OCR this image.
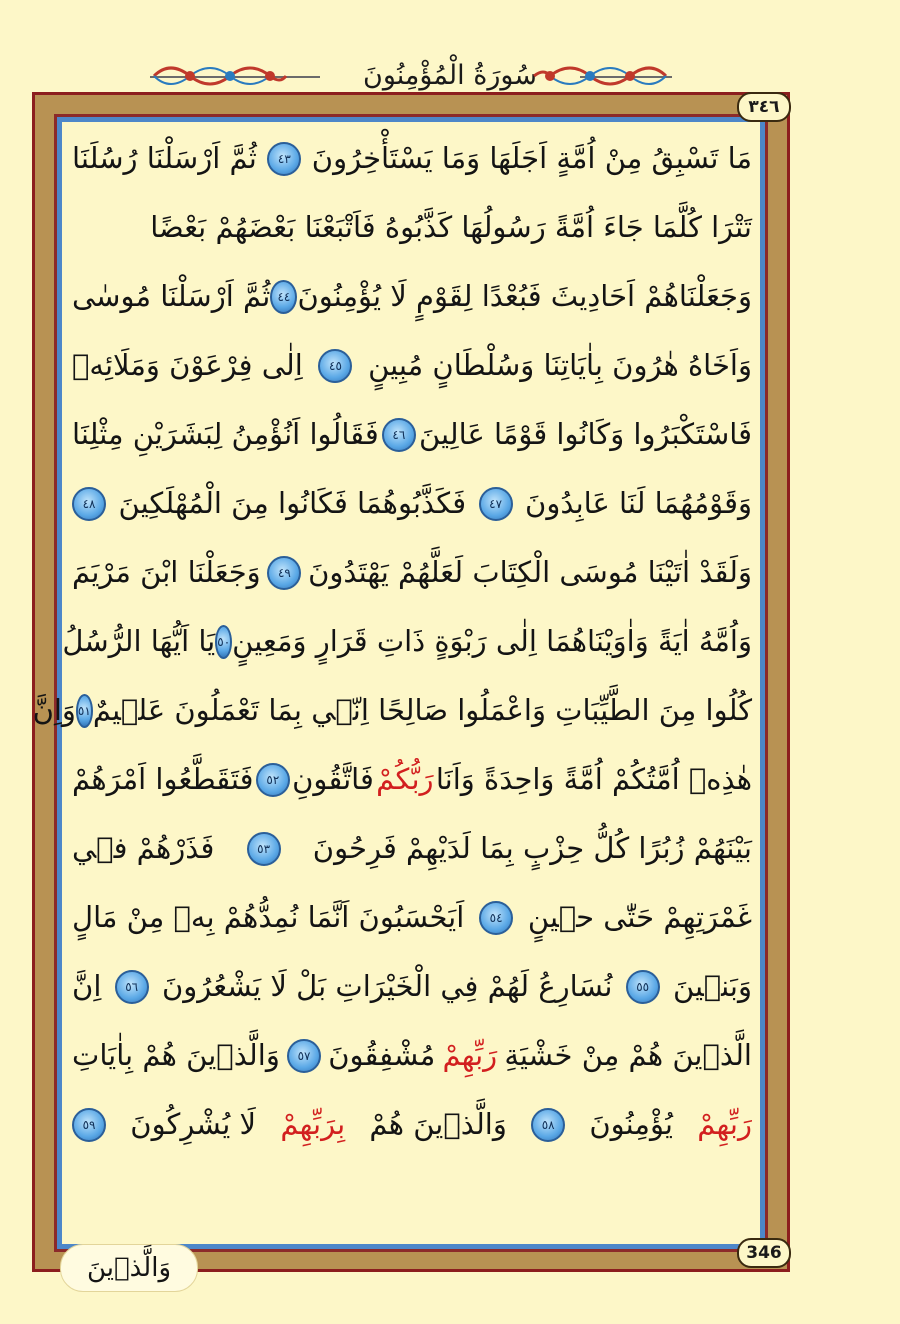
سُورَةُ الْمُؤْمِنُونَ
٣٤٦
مَا تَسْبِقُ مِنْ اُمَّةٍ اَجَلَهَا وَمَا يَسْتَأْخِرُونَ
٤٣
ثُمَّ اَرْسَلْنَا رُسُلَنَا
تَتْرَا كُلَّمَا جَاءَ اُمَّةً رَسُولُهَا كَذَّبُوهُ فَاَتْبَعْنَا بَعْضَهُمْ بَعْضًا
وَجَعَلْنَاهُمْ اَحَادِيثَ فَبُعْدًا لِقَوْمٍ لَا يُؤْمِنُونَ
٤٤
ثُمَّ اَرْسَلْنَا مُوسٰى
وَاَخَاهُ هٰرُونَ بِاٰيَاتِنَا وَسُلْطَانٍ مُبِينٍ
٤٥
اِلٰى فِرْعَوْنَ وَمَلَائِهٖ
فَاسْتَكْبَرُوا وَكَانُوا قَوْمًا عَالِينَ
٤٦
فَقَالُوا اَنُؤْمِنُ لِبَشَرَيْنِ مِثْلِنَا
وَقَوْمُهُمَا لَنَا عَابِدُونَ
٤٧
فَكَذَّبُوهُمَا فَكَانُوا مِنَ الْمُهْلَكِينَ
٤٨
وَلَقَدْ اٰتَيْنَا مُوسَى الْكِتَابَ لَعَلَّهُمْ يَهْتَدُونَ
٤٩
وَجَعَلْنَا ابْنَ مَرْيَمَ
وَاُمَّهُ اٰيَةً وَاٰوَيْنَاهُمَا اِلٰى رَبْوَةٍ ذَاتِ قَرَارٍ وَمَعِينٍ
٥٠
يَا اَيُّهَا الرُّسُلُ
كُلُوا مِنَ الطَّيِّبَاتِ وَاعْمَلُوا صَالِحًا اِنّ۪ي بِمَا تَعْمَلُونَ عَل۪يمٌ
٥١
وَاِنَّ
هٰذِه۪ اُمَّتُكُمْ اُمَّةً وَاحِدَةً وَاَنَا
رَبُّكُمْ
فَاتَّقُونِ
٥٢
فَتَقَطَّعُوا اَمْرَهُمْ
بَيْنَهُمْ زُبُرًا كُلُّ حِزْبٍ بِمَا لَدَيْهِمْ فَرِحُونَ
٥٣
فَذَرْهُمْ ف۪ي
غَمْرَتِهِمْ حَتّٰى ح۪ينٍ
٥٤
اَيَحْسَبُونَ اَنَّمَا نُمِدُّهُمْ بِه۪ مِنْ مَالٍ
وَبَن۪ينَ
٥٥
نُسَارِعُ لَهُمْ فِي الْخَيْرَاتِ بَلْ لَا يَشْعُرُونَ
٥٦
اِنَّ
الَّذ۪ينَ هُمْ مِنْ خَشْيَةِ
رَبِّهِمْ
مُشْفِقُونَ
٥٧
وَالَّذ۪ينَ هُمْ بِاٰيَاتِ
رَبِّهِمْ
يُؤْمِنُونَ
٥٨
وَالَّذ۪ينَ هُمْ
بِرَبِّهِمْ
لَا يُشْرِكُونَ
٥٩
346
وَالَّذ۪ينَ
